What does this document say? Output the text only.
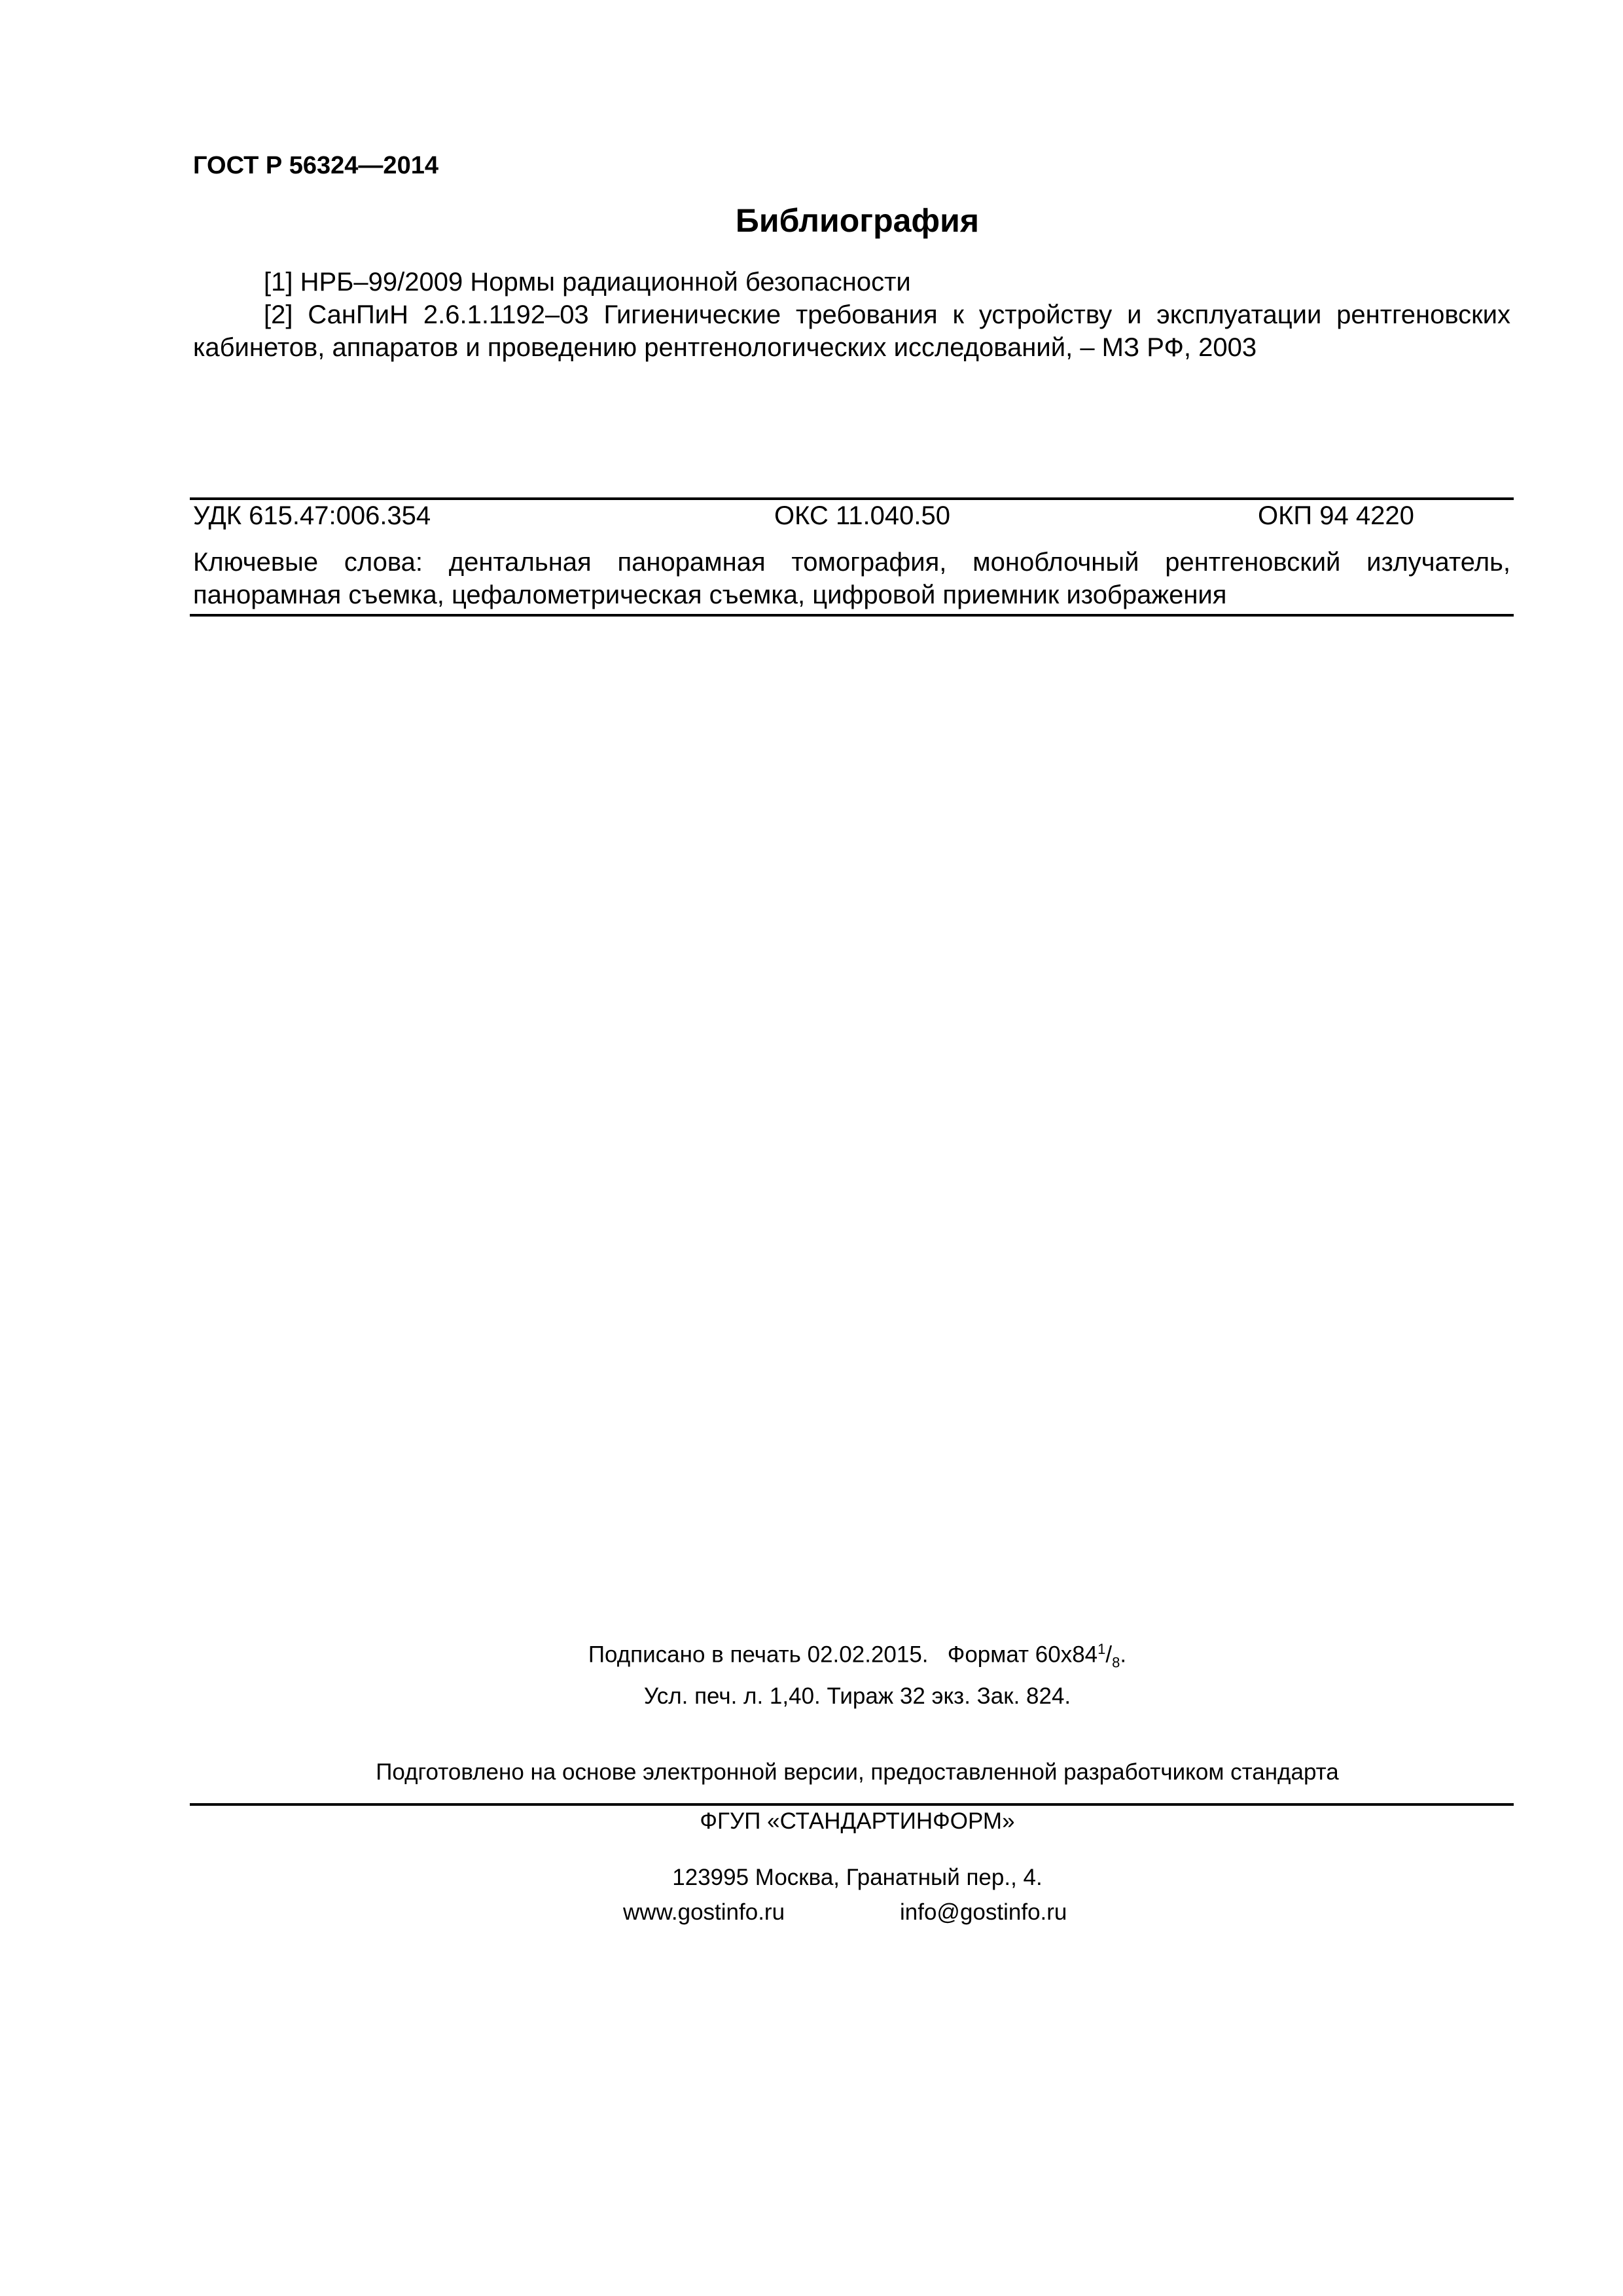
ГОСТ Р 56324—2014
Библиография
[1] НРБ–99/2009 Нормы радиационной безопасности
[2] СанПиН 2.6.1.1192–03 Гигиенические требования к устройству и эксплуатации рентгеновских кабинетов, аппаратов и проведению рентгенологических исследований, – МЗ РФ, 2003
УДК 615.47:006.354	ОКС 11.040.50	ОКП 94 4220
Ключевые слова: дентальная панорамная томография, моноблочный рентгеновский излучатель, панорамная съемка, цефалометрическая съемка, цифровой приемник изображения
Подписано в печать 02.02.2015. Формат $60x84^1/_8$.
Усл. печ. л. 1,40. Тираж 32 экз. Зак. 824.
Подготовлено на основе электронной версии, предоставленной разработчиком стандарта
ФГУП «СТАНДАРТИНФОРМ»
123995 Москва, Гранатный пер., 4.
www.gostinfo.ru	info@gostinfo.ru
